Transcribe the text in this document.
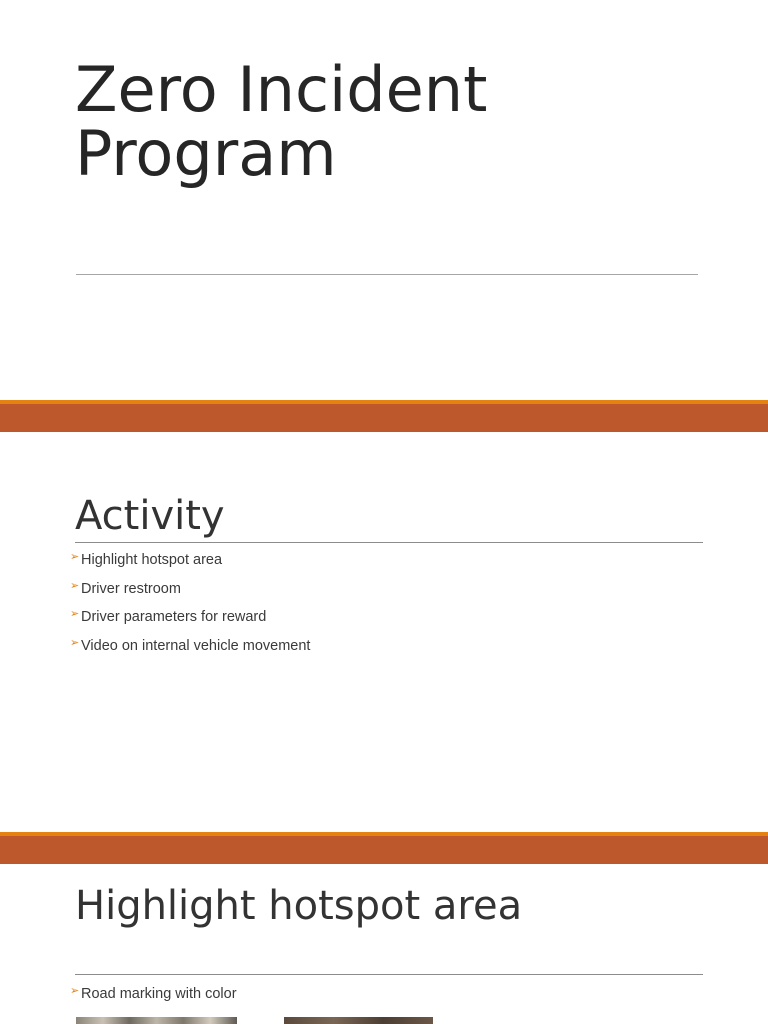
Zero Incident Program
Activity
➢ Highlight hotspot area
➢ Driver restroom
➢ Driver parameters for reward
➢ Video on internal vehicle movement
Highlight hotspot area
➢ Road marking with color
